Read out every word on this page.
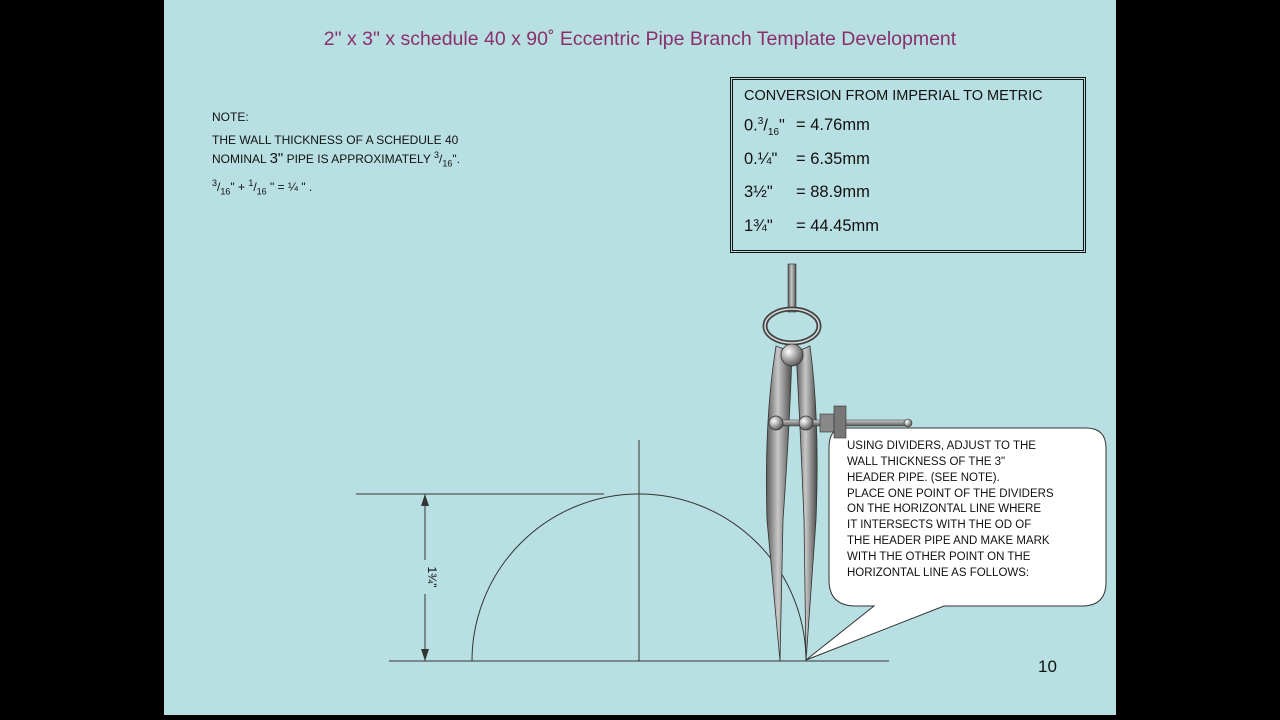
2" x 3" x schedule 40 x 90˚ Eccentric Pipe Branch Template Development
NOTE:
THE WALL THICKNESS OF A SCHEDULE 40
NOMINAL 3" PIPE IS APPROXIMATELY $^3/_{16}$".
$^3/_{16}$" + $^1/_{16}$ " = ¼ " .
CONVERSION FROM IMPERIAL TO METRIC
$0.^3/_{16}$" = 4.76mm
0.¼"	= 6.35mm
3½"	= 88.9mm
1¾"	= 44.45mm
USING DIVIDERS, ADJUST TO THE
WALL THICKNESS OF THE 3"
HEADER PIPE. (SEE NOTE).
PLACE ONE POINT OF THE DIVIDERS
ON THE HORIZONTAL LINE WHERE
IT INTERSECTS WITH THE OD OF
THE HEADER PIPE AND MAKE MARK
WITH THE OTHER POINT ON THE
HORIZONTAL LINE AS FOLLOWS:
1¾"
10
